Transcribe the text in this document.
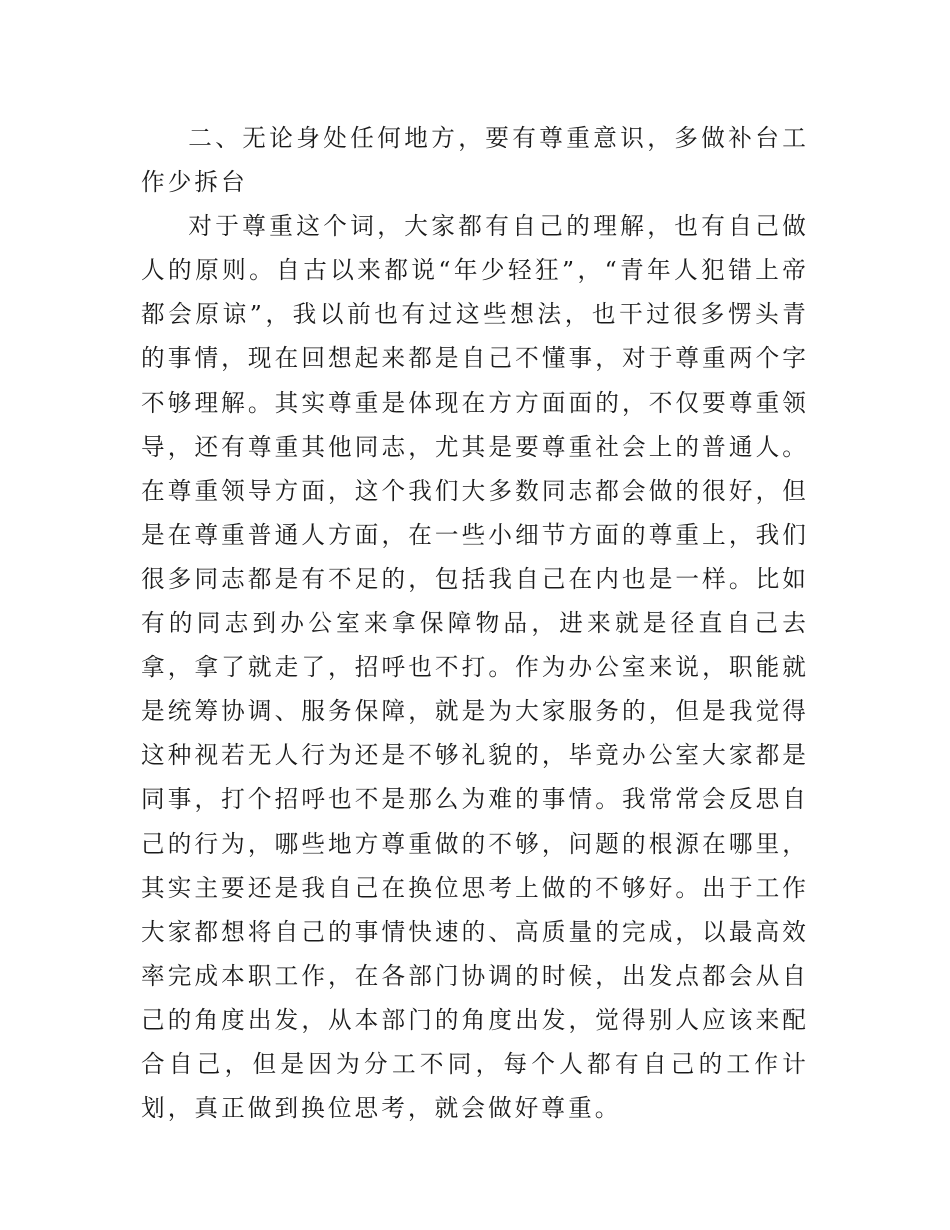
二、无论身处任何地方，要有尊重意识，多做补台工作少拆台

对于尊重这个词，大家都有自己的理解，也有自己做人的原则。自古以来都说“年少轻狂”，“青年人犯错上帝都会原谅”，我以前也有过这些想法，也干过很多愣头青的事情，现在回想起来都是自己不懂事，对于尊重两个字不够理解。其实尊重是体现在方方面面的，不仅要尊重领导，还有尊重其他同志，尤其是要尊重社会上的普通人。在尊重领导方面，这个我们大多数同志都会做的很好，但是在尊重普通人方面，在一些小细节方面的尊重上，我们很多同志都是有不足的，包括我自己在内也是一样。比如有的同志到办公室来拿保障物品，进来就是径直自己去拿，拿了就走了，招呼也不打。作为办公室来说，职能就是统筹协调、服务保障，就是为大家服务的，但是我觉得这种视若无人行为还是不够礼貌的，毕竟办公室大家都是同事，打个招呼也不是那么为难的事情。我常常会反思自己的行为，哪些地方尊重做的不够，问题的根源在哪里，其实主要还是我自己在换位思考上做的不够好。出于工作大家都想将自己的事情快速的、高质量的完成，以最高效率完成本职工作，在各部门协调的时候，出发点都会从自己的角度出发，从本部门的角度出发，觉得别人应该来配合自己，但是因为分工不同，每个人都有自己的工作计划，真正做到换位思考，就会做好尊重。
